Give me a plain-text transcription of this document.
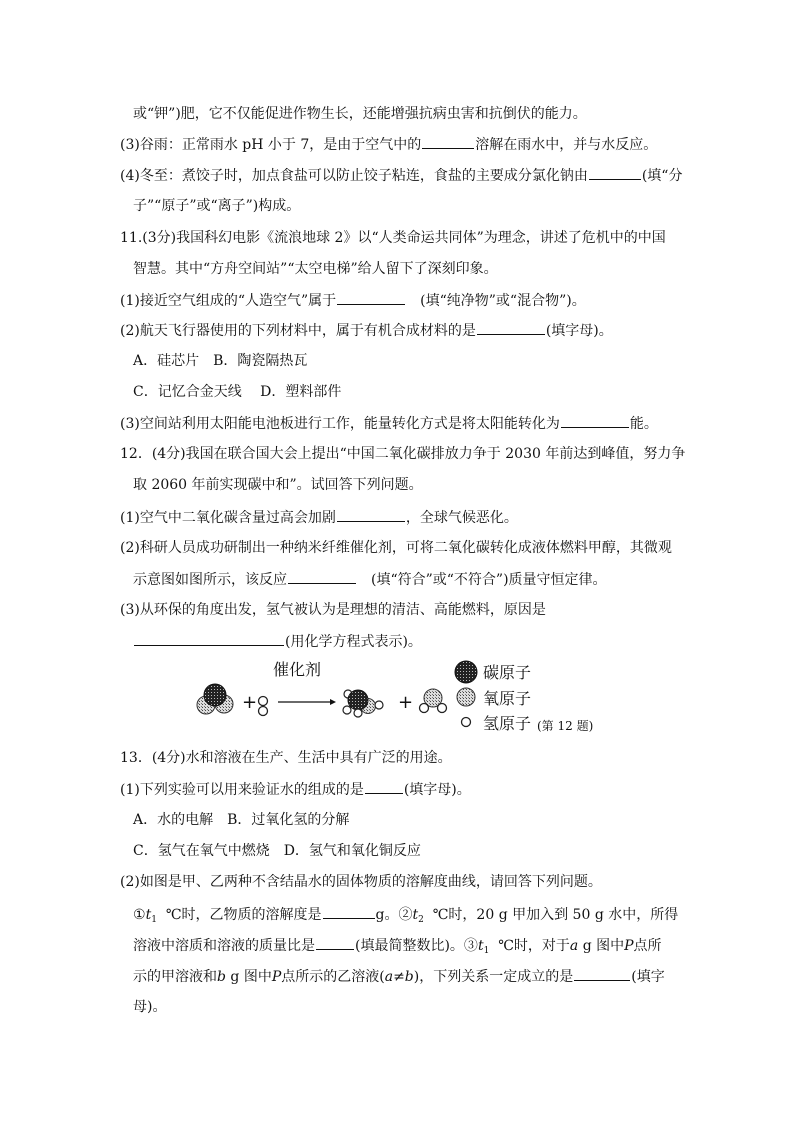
或“钾”)肥，它不仅能促进作物生长，还能增强抗病虫害和抗倒伏的能力。
(3)谷雨：正常雨水 pH 小于 7，是由于空气中的	溶解在雨水中，并与水反应。
(4)冬至：煮饺子时，加点食盐可以防止饺子粘连，食盐的主要成分氯化钠由	(填“分
子”“原子”或“离子”)构成。
11.(3分)我国科幻电影《流浪地球 2》以“人类命运共同体”为理念，讲述了危机中的中国
智慧。其中“方舟空间站”“太空电梯”给人留下了深刻印象。
(1)接近空气组成的“人造空气”属于　	(填“纯净物”或“混合物”)。
(2)航天飞行器使用的下列材料中，属于有机合成材料的是	(填字母)。
A．硅芯片　B．陶瓷隔热瓦
C．记忆合金天线　 D．塑料部件
(3)空间站利用太阳能电池板进行工作，能量转化方式是将太阳能转化为	能。
12．(4分)我国在联合国大会上提出“中国二氧化碳排放力争于 2030 年前达到峰值，努力争
取 2060 年前实现碳中和”。试回答下列问题。
(1)空气中二氧化碳含量过高会加剧	，全球气候恶化。
(2)科研人员成功研制出一种纳米纤维催化剂，可将二氧化碳转化成液体燃料甲醇，其微观
示意图如图所示，该反应　	(填“符合”或“不符合”)质量守恒定律。
(3)从环保的角度出发，氢气被认为是理想的清洁、高能燃料，原因是
(用化学方程式表示)。
催化剂
+	+
碳原子
氧原子
氢原子 (第 12 题)
13．(4分)水和溶液在生产、生活中具有广泛的用途。
(1)下列实验可以用来验证水的组成的是	(填字母)。
A．水的电解　B．过氧化氢的分解
C．氢气在氧气中燃烧　D．氢气和氧化铜反应
(2)如图是甲、乙两种不含结晶水的固体物质的溶解度曲线，请回答下列问题。
$①t_1$ ℃时，乙物质的溶解度是	g。$②t_2$ ℃时，20 g 甲加入到 50 g 水中，所得
溶液中溶质和溶液的质量比是	(填最简整数比)。$③t_1$ ℃时，对于a g 图中P点所
示的甲溶液和b g 图中P点所示的乙溶液(a≠b)，下列关系一定成立的是	(填字
母)。
